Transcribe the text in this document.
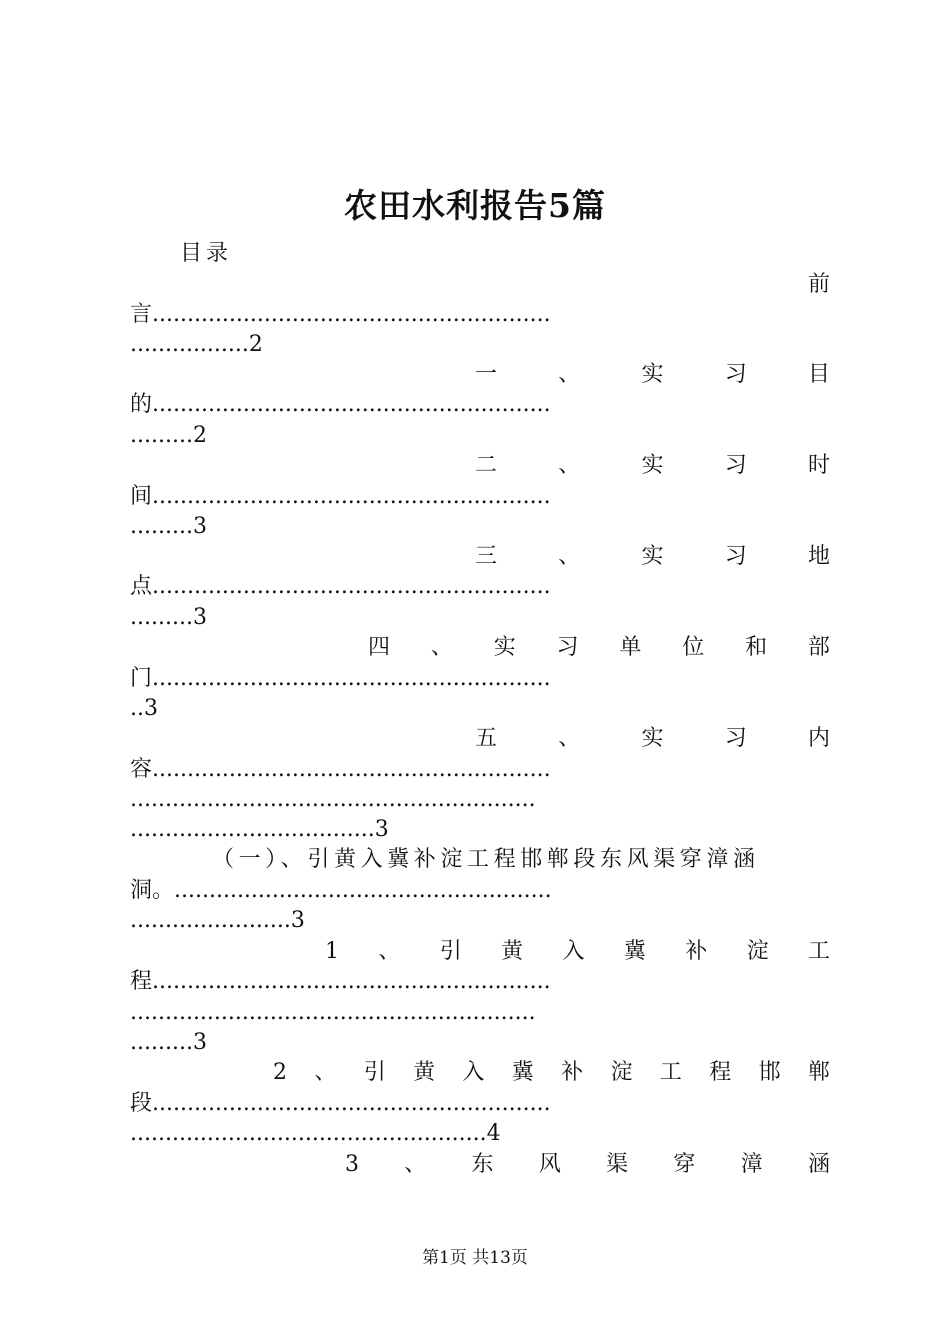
农田水利报告5篇
目录
前
言.........................................................
.................2
一	、	实	习	目
的.........................................................
.........2
二	、	实	习	时
间.........................................................
.........3
三	、	实	习	地
点.........................................................
.........3
四 、 实 习 单 位 和 部
门.........................................................
..3
五	、	实	习	内
容.........................................................
..........................................................
...................................3
（一）、引黄入冀补淀工程邯郸段东风渠穿漳涵
洞。......................................................
.......................3
1 、 引 黄 入 冀 补 淀 工
程.........................................................
..........................................................
.........3
2 、 引 黄 入 冀 补 淀 工 程 邯 郸
段.........................................................
...................................................4
3 、 东 风 渠 穿 漳 涵
第1页 共13页
